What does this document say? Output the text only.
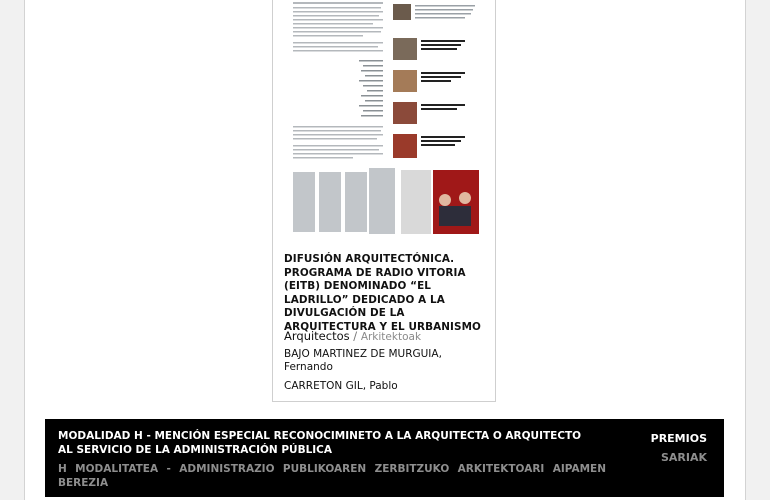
DIFUSIÓN ARQUITECTÓNICA. PROGRAMA DE RADIO VITORIA (EITB) DENOMINADO “EL LADRILLO” DEDICADO A LA DIVULGACIÓN DE LA ARQUITECTURA Y EL URBANISMO
Arquitectos / Arkitektoak
BAJO MARTINEZ DE MURGUIA, Fernando
CARRETON GIL, Pablo
MODALIDAD H - MENCIÓN ESPECIAL RECONOCIMINETO A LA ARQUITECTA O ARQUITECTO AL SERVICIO DE LA ADMINISTRACIÓN PÚBLICA
H MODALITATEA - ADMINISTRAZIO PUBLIKOAREN ZERBITZUKO ARKITEKTOARI AIPAMEN BEREZIA
PREMIOS
SARIAK
